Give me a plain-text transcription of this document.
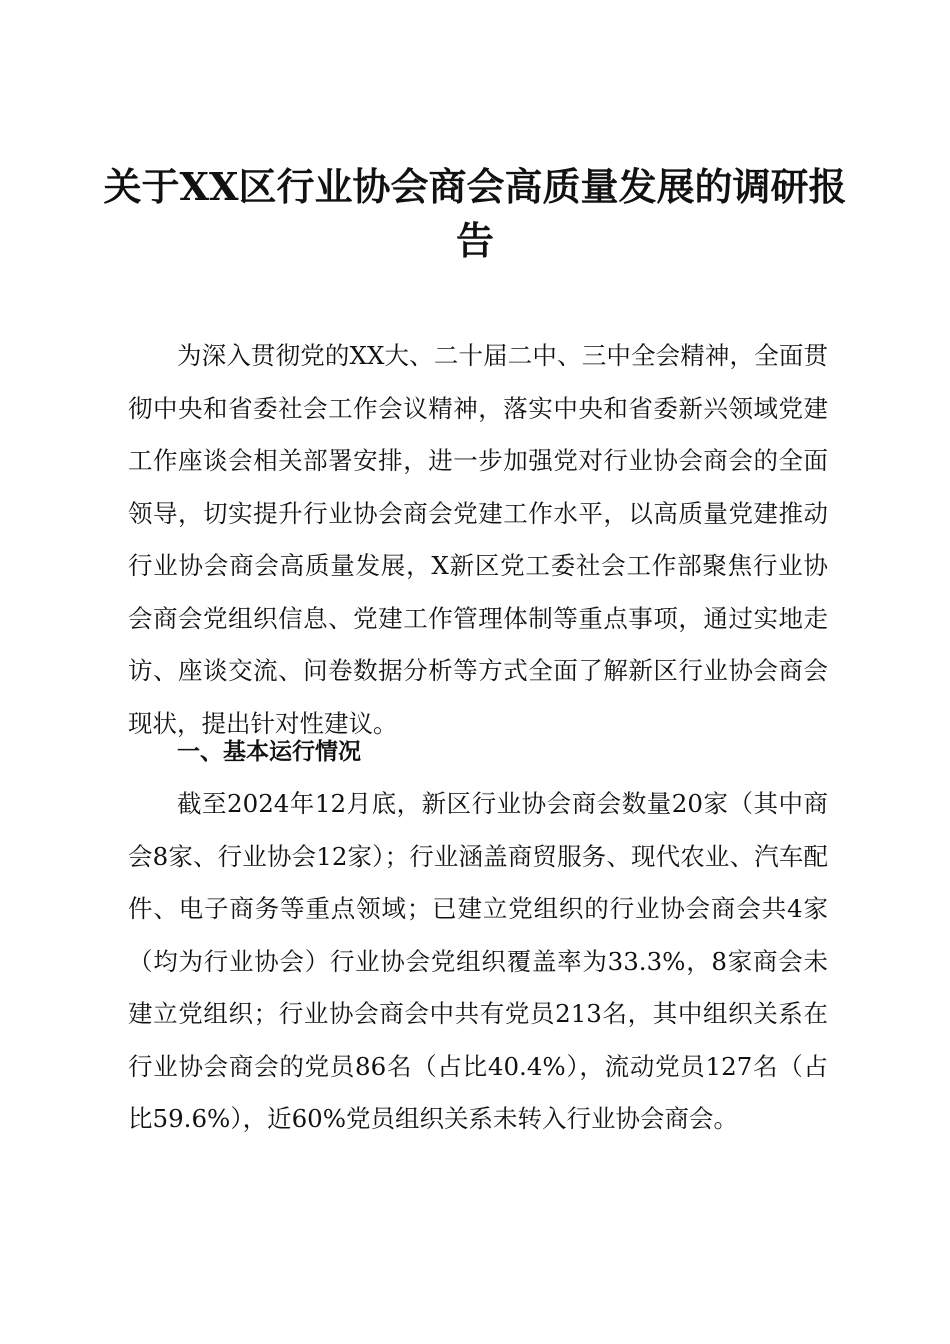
关于XX区行业协会商会高质量发展的调研报告

为深入贯彻党的XX大、二十届二中、三中全会精神，全面贯彻中央和省委社会工作会议精神，落实中央和省委新兴领域党建工作座谈会相关部署安排，进一步加强党对行业协会商会的全面领导，切实提升行业协会商会党建工作水平，以高质量党建推动行业协会商会高质量发展，X新区党工委社会工作部聚焦行业协会商会党组织信息、党建工作管理体制等重点事项，通过实地走访、座谈交流、问卷数据分析等方式全面了解新区行业协会商会现状，提出针对性建议。

一、基本运行情况

截至2024年12月底，新区行业协会商会数量20家（其中商会8家、行业协会12家）；行业涵盖商贸服务、现代农业、汽车配件、电子商务等重点领域；已建立党组织的行业协会商会共4家（均为行业协会）行业协会党组织覆盖率为33.3%，8家商会未建立党组织；行业协会商会中共有党员213名，其中组织关系在行业协会商会的党员86名（占比40.4%），流动党员127名（占比59.6%），近60%党员组织关系未转入行业协会商会。
